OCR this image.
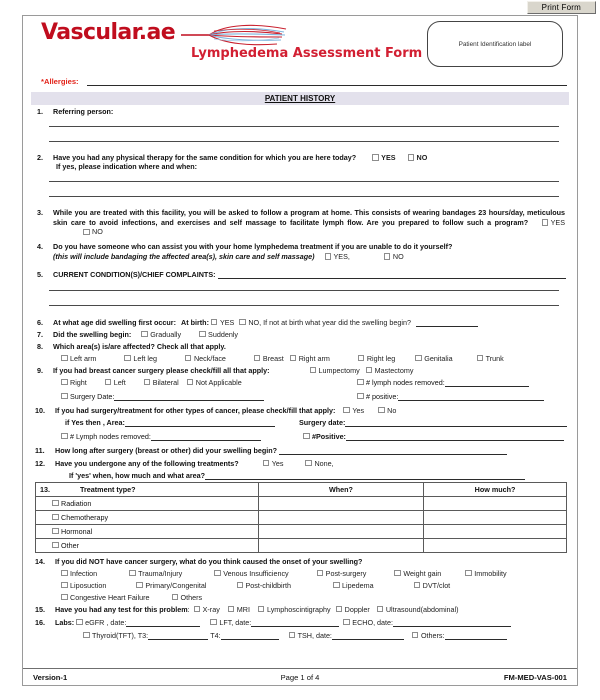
Print Form
Vascular.ae
Lymphedema Assessment Form
Patient Identification label
*Allergies:
PATIENT HISTORY
1. Referring person:
2. Have you had any physical therapy for the same condition for which you are here today?	YES	NO
If yes, please indication where and when:
3. While you are treated with this facility, you will be asked to follow a program at home. This consists of wearing bandages 23 hours/day, meticulous skin care to avoid infections, and exercises and self massage to facilitate lymph flow. Are you prepared to follow such a program?	YES NO
4. Do you have someone who can assist you with your home lymphedema treatment if you are unable to do it yourself?
(this will include bandaging the affected area(s), skin care and self massage)	YES,	NO
5. CURRENT CONDITION(S)/CHIEF COMPLAINTS:
6. At what age did swelling first occur: At birth: YES NO, If not at birth what year did the swelling begin?
7. Did the swelling begin:	Gradually	Suddenly
8. Which area(s) is/are affected? Check all that apply.
Left arm	Left leg	Neck/face	Breast Right arm	Right leg	Genitalia	Trunk
9. If you had breast cancer surgery please check/fill all that apply:	Lumpectomy Mastectomy
Right	Left	Bilateral Not Applicable	# lymph nodes removed:
Surgery Date:	# positive:
10. If you had surgery/treatment for other types of cancer, please check/fill that apply: Yes	No
if Yes then , Area:	Surgery date:
# Lymph nodes removed:	#Positive:
11. How long after surgery (breast or other) did your swelling begin?
12. Have you undergone any of the following treatments?	Yes	None,
If 'yes' when, how much and what area?
13. Treatment type?	When?	How much?
Radiation		
Chemotherapy		
Hormonal		
Other		
14. If you did NOT have cancer surgery, what do you think caused the onset of your swelling?
Infection	Trauma/Injury	Venous Insufficiency	Post-surgery	Weight gain	Immobility
Liposuction	Primary/Congenital	Post-childbirth	Lipedema	DVT/clot
Congestive Heart Failure	Others
15. Have you had any test for this problem: X-ray MRI Lymphoscintigraphy Doppler Ultrasound(abdominal)
16. Labs: eGFR , date:	LFT, date:	ECHO, date:
Thyroid(TFT), T3:	T4:	TSH, date:	Others:
Version-1	Page 1 of 4	FM-MED-VAS-001
